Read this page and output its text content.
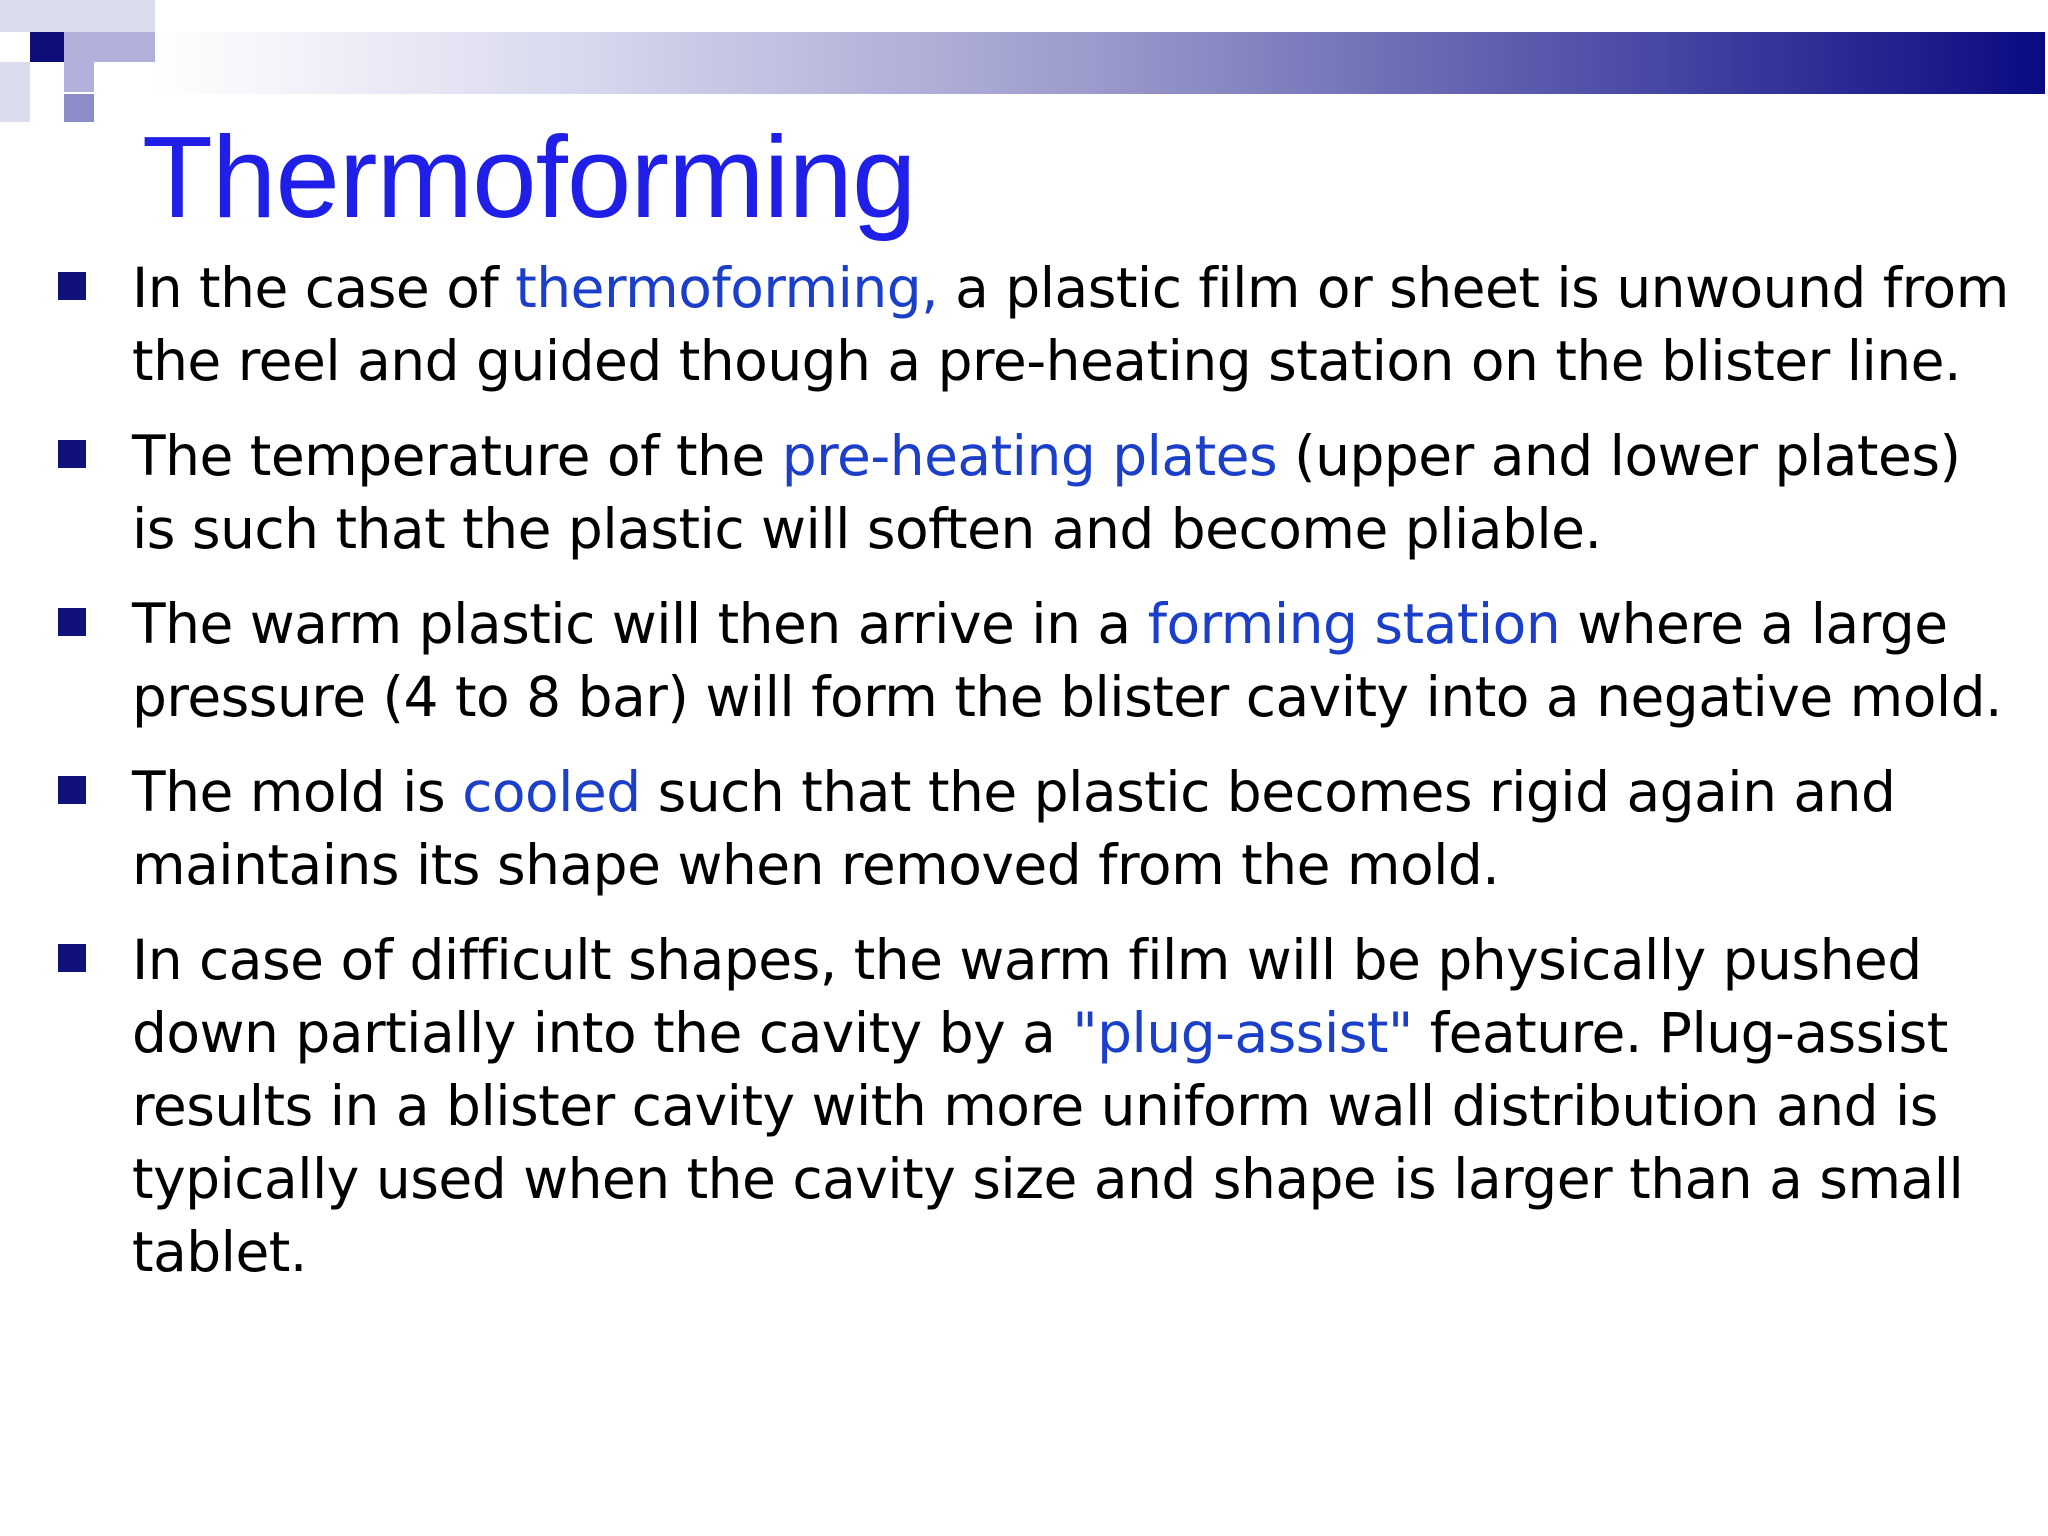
Thermoforming
In the case of thermoforming, a plastic film or sheet is unwound from the reel and guided though a pre-heating station on the blister line.
The temperature of the pre-heating plates (upper and lower plates) is such that the plastic will soften and become pliable.
The warm plastic will then arrive in a forming station where a large pressure (4 to 8 bar) will form the blister cavity into a negative mold.
The mold is cooled such that the plastic becomes rigid again and maintains its shape when removed from the mold.
In case of difficult shapes, the warm film will be physically pushed down partially into the cavity by a "plug-assist" feature. Plug-assist results in a blister cavity with more uniform wall distribution and is typically used when the cavity size and shape is larger than a small tablet.
